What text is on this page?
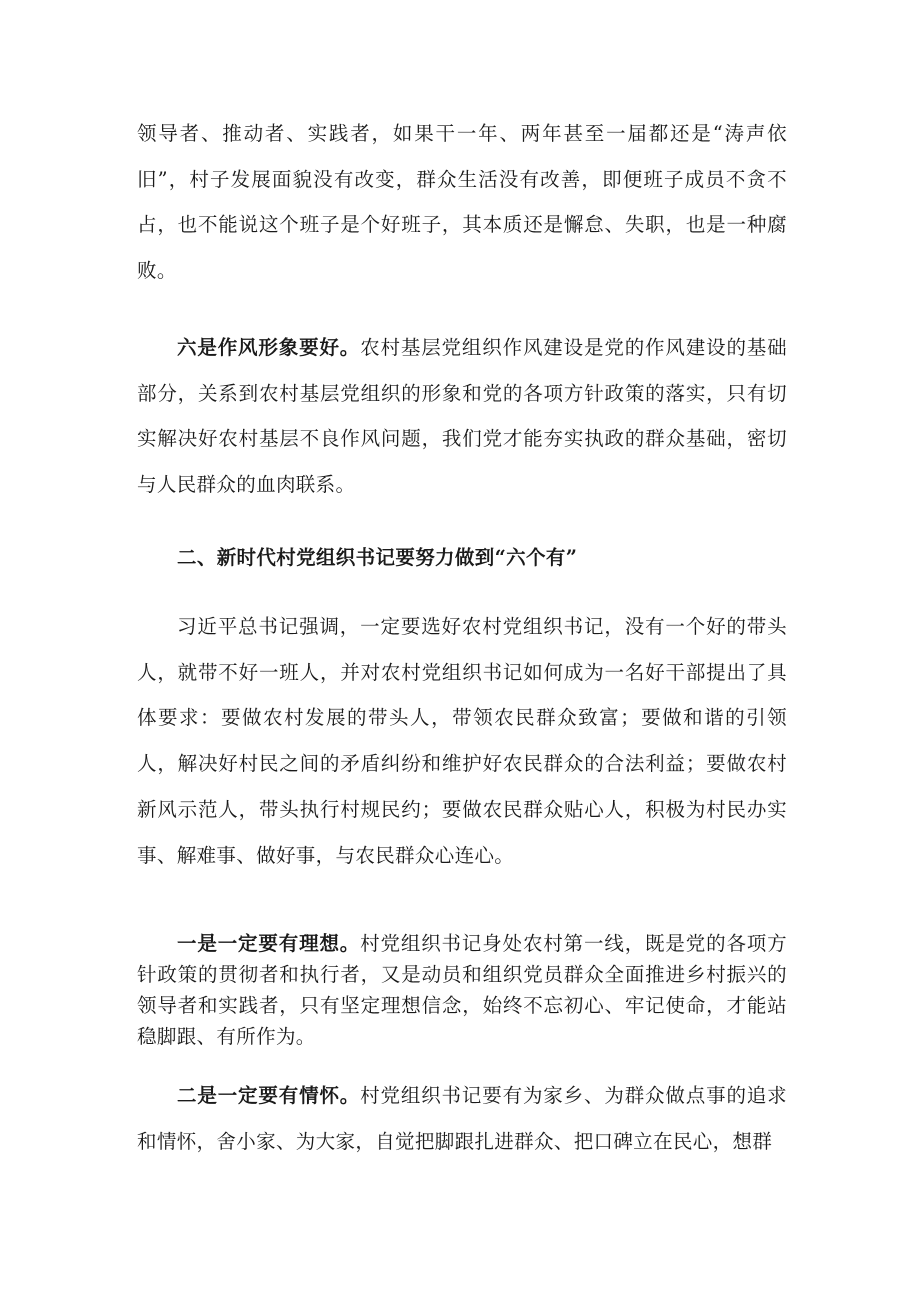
领导者、推动者、实践者，如果干一年、两年甚至一届都还是“涛声依旧”，村子发展面貌没有改变，群众生活没有改善，即便班子成员不贪不占，也不能说这个班子是个好班子，其本质还是懈怠、失职，也是一种腐败。

六是作风形象要好。农村基层党组织作风建设是党的作风建设的基础部分，关系到农村基层党组织的形象和党的各项方针政策的落实，只有切实解决好农村基层不良作风问题，我们党才能夯实执政的群众基础，密切与人民群众的血肉联系。

二、新时代村党组织书记要努力做到“六个有”

习近平总书记强调，一定要选好农村党组织书记，没有一个好的带头人，就带不好一班人，并对农村党组织书记如何成为一名好干部提出了具体要求：要做农村发展的带头人，带领农民群众致富；要做和谐的引领人，解决好村民之间的矛盾纠纷和维护好农民群众的合法利益；要做农村新风示范人，带头执行村规民约；要做农民群众贴心人，积极为村民办实事、解难事、做好事，与农民群众心连心。

一是一定要有理想。村党组织书记身处农村第一线，既是党的各项方针政策的贯彻者和执行者，又是动员和组织党员群众全面推进乡村振兴的领导者和实践者，只有坚定理想信念，始终不忘初心、牢记使命，才能站稳脚跟、有所作为。

二是一定要有情怀。村党组织书记要有为家乡、为群众做点事的追求和情怀，舍小家、为大家，自觉把脚跟扎进群众、把口碑立在民心，想群
